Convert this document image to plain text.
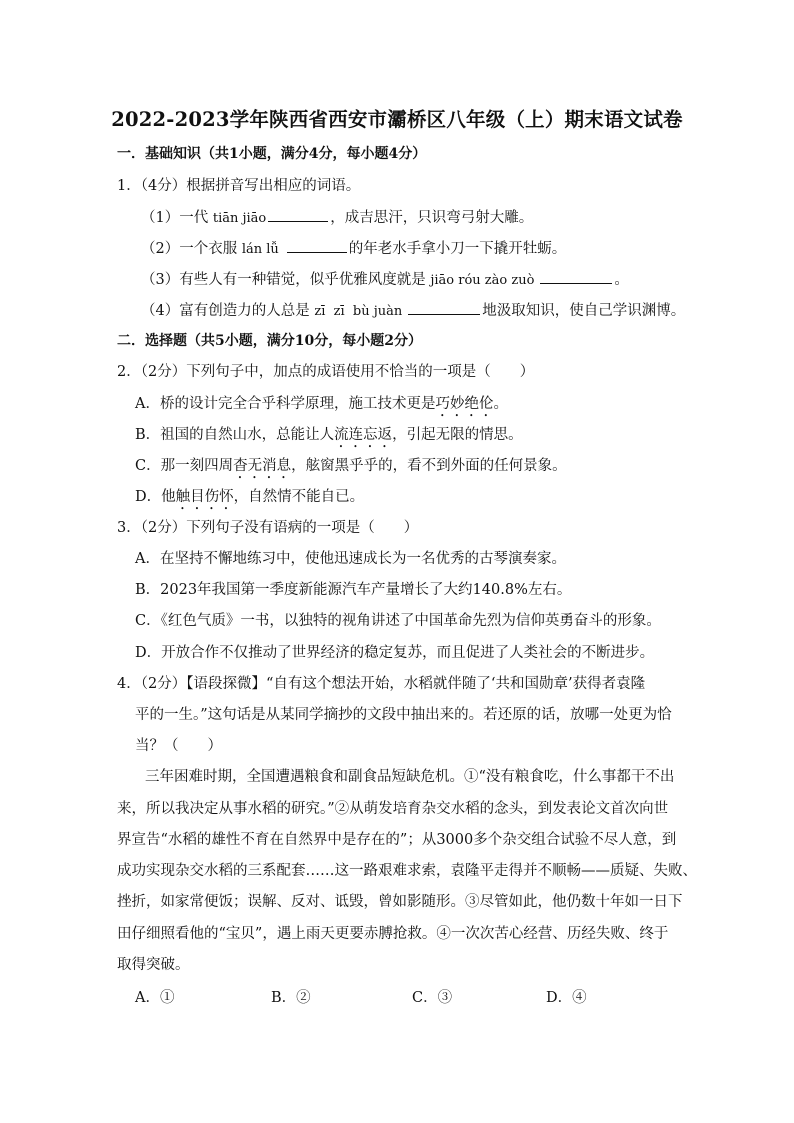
2022-2023学年陕西省西安市灞桥区八年级（上）期末语文试卷
一．基础知识（共1小题，满分4分，每小题4分）
1．（4分）根据拼音写出相应的词语。
（1）一代 tiān jiāo	，成吉思汗，只识弯弓射大雕。
（2）一个衣服 lán lǚ	的年老水手拿小刀一下撬开牡蛎。
（3）有些人有一种错觉，似乎优雅风度就是 jiāo róu zào zuò	。
（4）富有创造力的人总是 zī  zī  bù juàn	地汲取知识，使自己学识渊博。
二．选择题（共5小题，满分10分，每小题2分）
2．（2分）下列句子中，加点的成语使用不恰当的一项是（　　）
A．桥的设计完全合乎科学原理，施工技术更是巧妙绝伦。
B．祖国的自然山水，总能让人流连忘返，引起无限的情思。
C．那一刻四周杳无消息，舷窗黑乎乎的，看不到外面的任何景象。
D．他触目伤怀，自然情不能自已。
3．（2分）下列句子没有语病的一项是（　　）
A．在坚持不懈地练习中，使他迅速成长为一名优秀的古琴演奏家。
B．2023年我国第一季度新能源汽车产量增长了大约140.8%左右。
C．《红色气质》一书，以独特的视角讲述了中国革命先烈为信仰英勇奋斗的形象。
D．开放合作不仅推动了世界经济的稳定复苏，而且促进了人类社会的不断进步。
4．（2分）【语段探微】“自有这个想法开始，水稻就伴随了‘共和国勋章’获得者袁隆
平的一生。”这句话是从某同学摘抄的文段中抽出来的。若还原的话，放哪一处更为恰
当？（　　）
三年困难时期，全国遭遇粮食和副食品短缺危机。①“没有粮食吃，什么事都干不出
来，所以我决定从事水稻的研究。”②从萌发培育杂交水稻的念头，到发表论文首次向世
界宣告“水稻的雄性不育在自然界中是存在的”；从3000多个杂交组合试验不尽人意，到
成功实现杂交水稻的三系配套……这一路艰难求索，袁隆平走得并不顺畅——质疑、失败、
挫折，如家常便饭；误解、反对、诋毁，曾如影随形。③尽管如此，他仍数十年如一日下
田仔细照看他的“宝贝”，遇上雨天更要赤膊抢救。④一次次苦心经营、历经失败、终于
取得突破。
A．①	B．②	C．③	D．④
